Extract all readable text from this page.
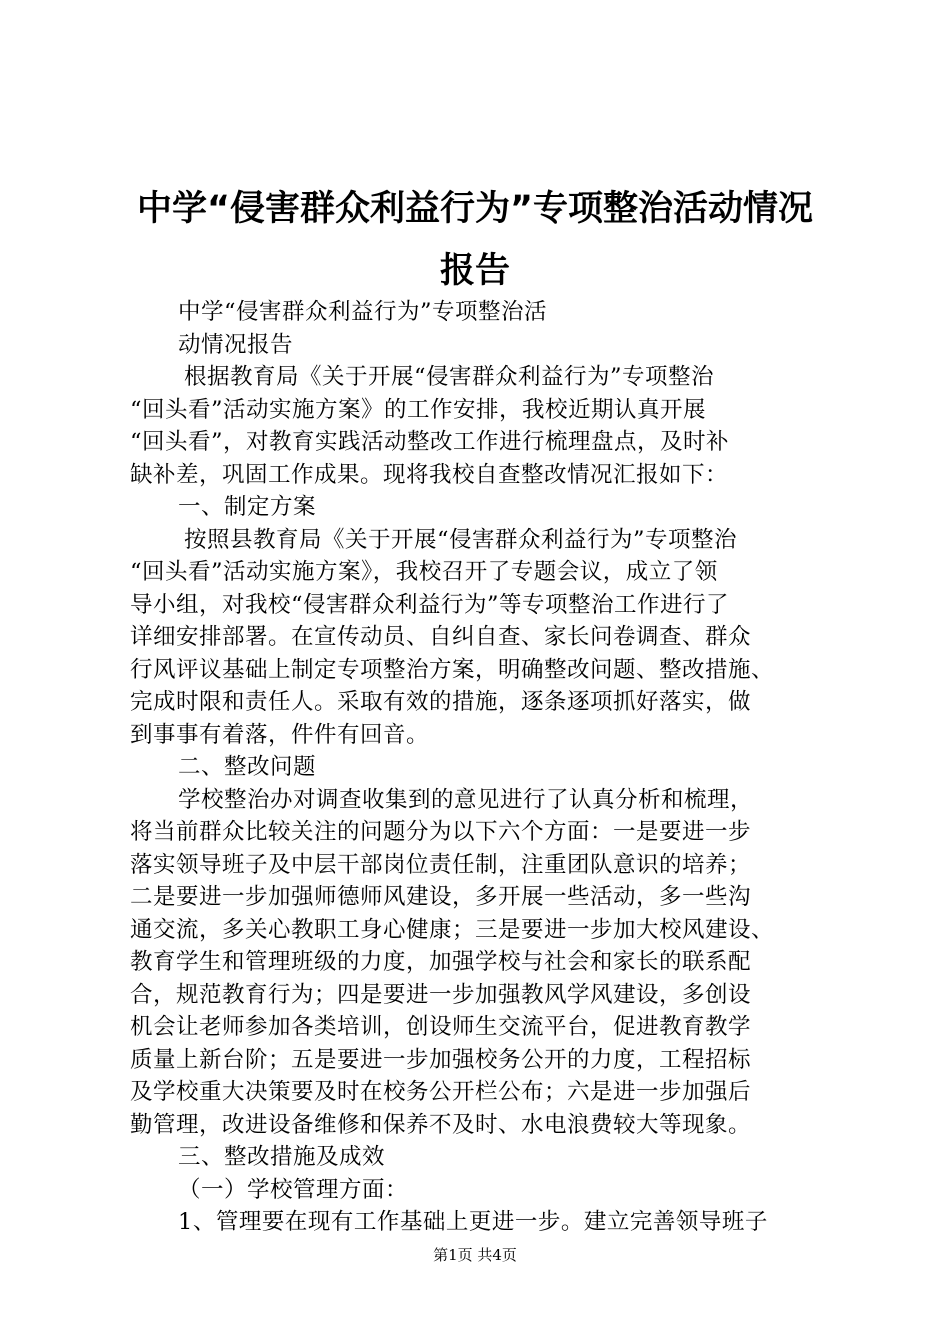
中学“侵害群众利益行为”专项整治活动情况
报告

中学“侵害群众利益行为”专项整治活

动情况报告

根据教育局《关于开展“侵害群众利益行为”专项整治

“回头看”活动实施方案》的工作安排，我校近期认真开展

“回头看”，对教育实践活动整改工作进行梳理盘点，及时补

缺补差，巩固工作成果。现将我校自查整改情况汇报如下：

一、制定方案

按照县教育局《关于开展“侵害群众利益行为”专项整治

“回头看”活动实施方案》，我校召开了专题会议，成立了领

导小组，对我校“侵害群众利益行为”等专项整治工作进行了

详细安排部署。在宣传动员、自纠自查、家长问卷调查、群众

行风评议基础上制定专项整治方案，明确整改问题、整改措施、

完成时限和责任人。采取有效的措施，逐条逐项抓好落实，做

到事事有着落，件件有回音。

二、整改问题

学校整治办对调查收集到的意见进行了认真分析和梳理，

将当前群众比较关注的问题分为以下六个方面：一是要进一步

落实领导班子及中层干部岗位责任制，注重团队意识的培养；

二是要进一步加强师德师风建设，多开展一些活动，多一些沟

通交流，多关心教职工身心健康；三是要进一步加大校风建设、

教育学生和管理班级的力度，加强学校与社会和家长的联系配

合，规范教育行为；四是要进一步加强教风学风建设，多创设

机会让老师参加各类培训，创设师生交流平台，促进教育教学

质量上新台阶；五是要进一步加强校务公开的力度，工程招标

及学校重大决策要及时在校务公开栏公布；六是进一步加强后

勤管理，改进设备维修和保养不及时、水电浪费较大等现象。

三、整改措施及成效

（一）学校管理方面：

1、管理要在现有工作基础上更进一步。建立完善领导班子

第1页 共4页
